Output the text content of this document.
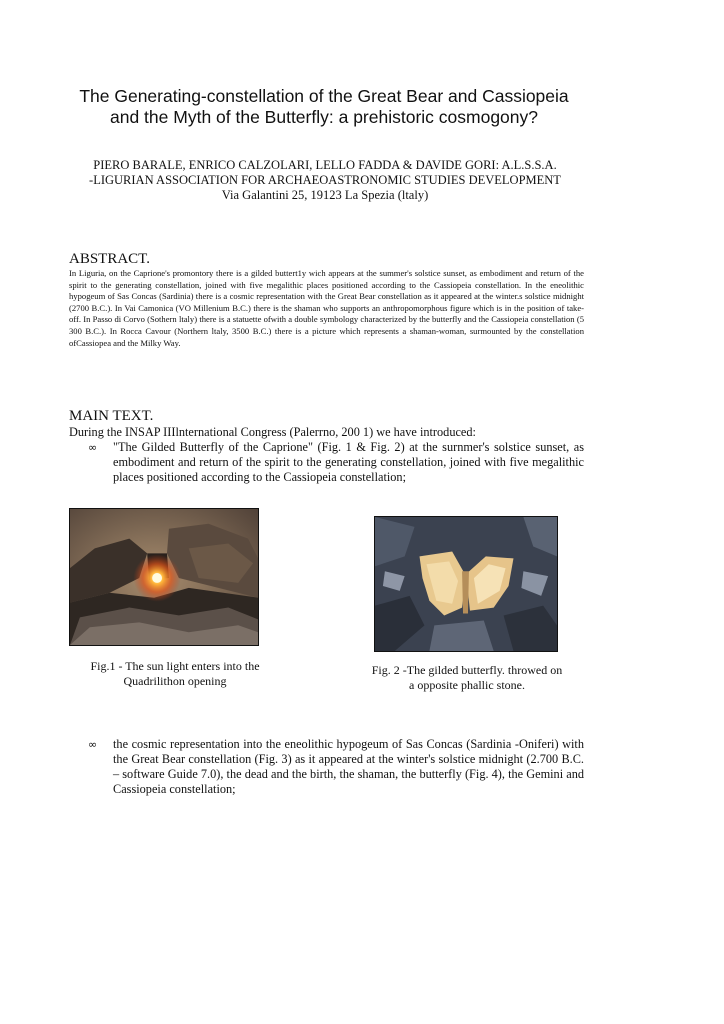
The Generating-constellation of the Great Bear and Cassiopeia
and the Myth of the Butterfly: a prehistoric cosmogony?
PIERO BARALE, ENRICO CALZOLARI, LELLO FADDA & DAVIDE GORI: A.L.S.S.A.
-LIGURIAN ASSOCIATION FOR ARCHAEOASTRONOMIC STUDIES DEVELOPMENT
Via Galantini 25, 19123 La Spezia (ltaly)
ABSTRACT.
In Liguria, on the Caprione's promontory there is a gilded buttert1y wich appears at the summer's solstice sunset, as embodiment and return of the spirit to the generating constellation, joined with five megalithic places positioned according to the Cassiopeia constellation. In the eneolithic hypogeum of Sas Concas (Sardinia) there is a cosmic representation with the Great Bear constellation as it appeared at the winter.s solstice midnight (2700 B.C.). In Vai Camonica (VO Millenium B.C.) there is the shaman who supports an anthropomorphous figure which is in the position of take-off. In Passo di Corvo (Sothern ltaly) there is a statuette ofwith a double symbology characterized by the butterfly and the Cassiopeia constellation (5 300 B.C.). In Rocca Cavour (Northern ltaly, 3500 B.C.) there is a picture which represents a shaman-woman, surmounted by the constellation ofCassiopea and the Milky Way.
MAIN TEXT.
During the INSAP IIIlnternational Congress (Palerrno, 200 1) we have introduced:
∞ "The Gilded Butterfly of the Caprione" (Fig. 1 & Fig. 2) at the surnmer's solstice sunset, as embodiment and return of the spirit to the generating constellation, joined with five megalithic places positioned according to the Cassiopeia constellation;
Fig.1 - The sun light enters into the
Quadrilithon opening
Fig. 2 -The gilded butterfly. throwed on
a opposite phallic stone.
∞ the cosmic representation into the eneolithic hypogeum of Sas Concas (Sardinia -Oniferi) with the Great Bear constellation (Fig. 3) as it appeared at the winter's solstice midnight (2.700 B.C. – software Guide 7.0), the dead and the birth, the shaman, the butterfly (Fig. 4), the Gemini and Cassiopeia constellation;
